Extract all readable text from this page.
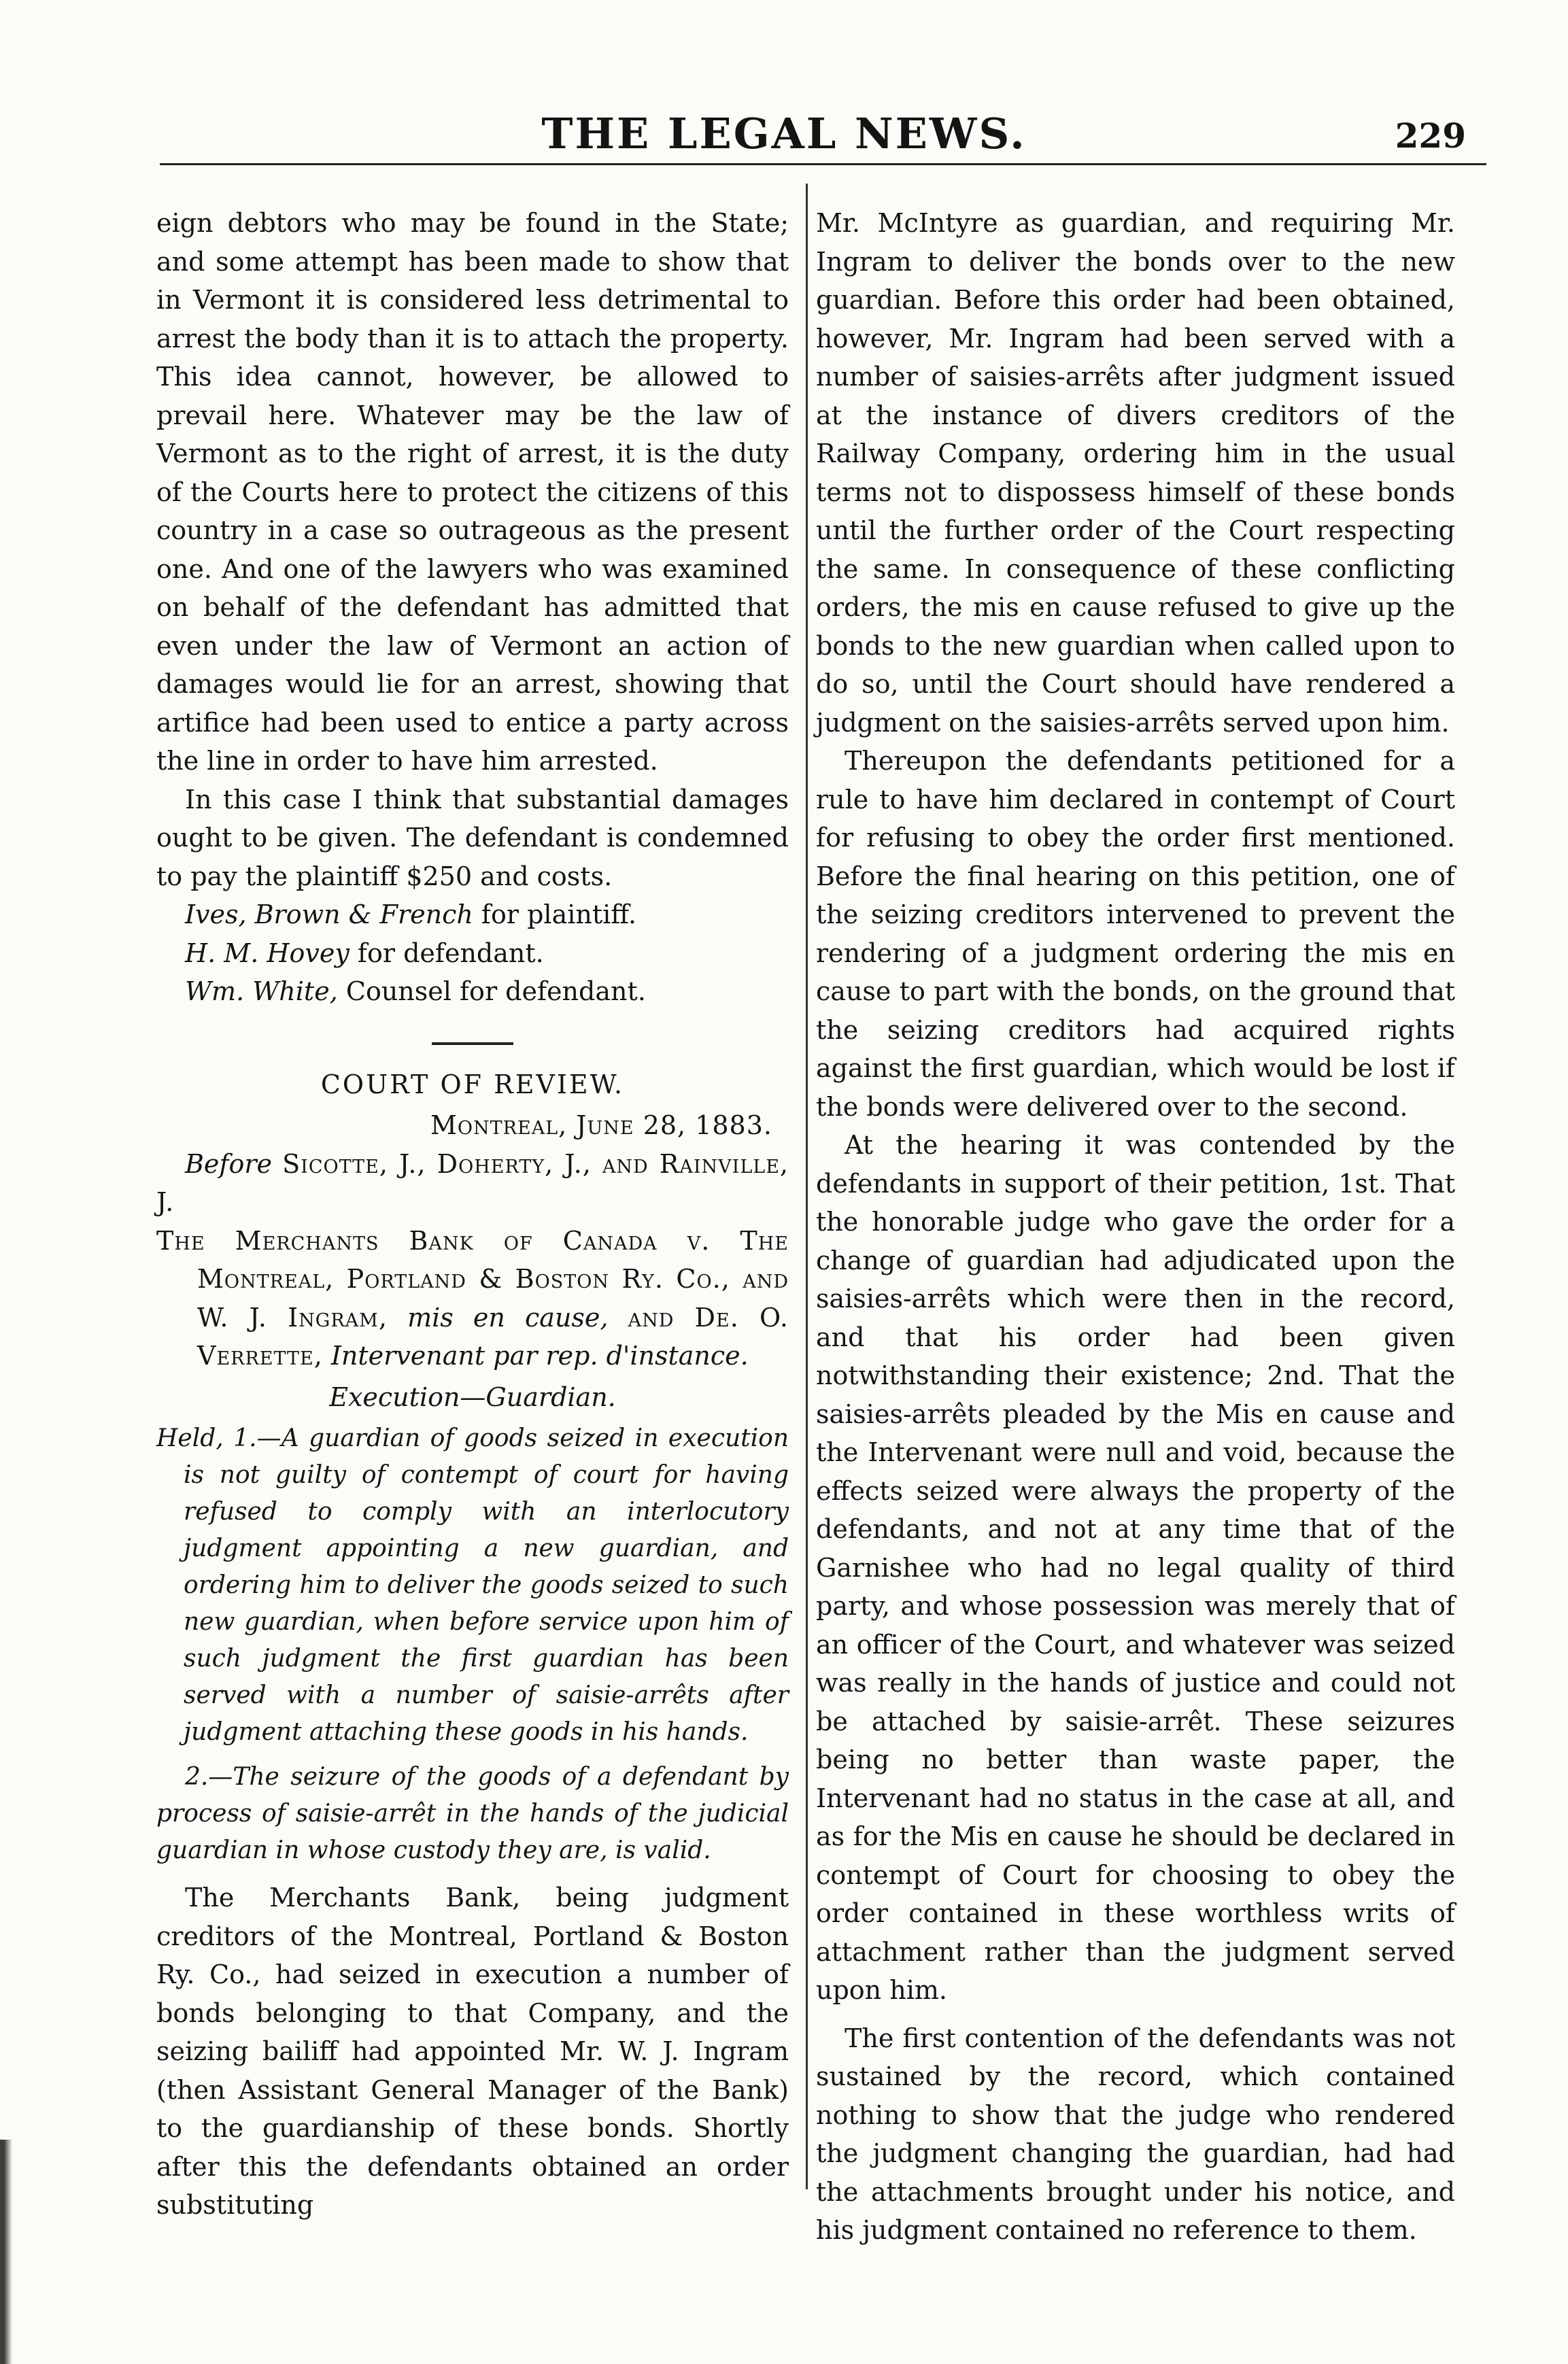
THE LEGAL NEWS.	229

eign debtors who may be found in the State; and some attempt has been made to show that in Vermont it is considered less detrimental to arrest the body than it is to attach the property. This idea cannot, however, be allowed to prevail here. Whatever may be the law of Vermont as to the right of arrest, it is the duty of the Courts here to protect the citizens of this country in a case so outrageous as the present one. And one of the lawyers who was examined on behalf of the defendant has admitted that even under the law of Vermont an action of damages would lie for an arrest, showing that artifice had been used to entice a party across the line in order to have him arrested.

In this case I think that substantial damages ought to be given. The defendant is condemned to pay the plaintiff $250 and costs.

Ives, Brown & French for plaintiff.

H. M. Hovey for defendant.

Wm. White, Counsel for defendant.

COURT OF REVIEW.

Montreal, June 28, 1883.

Before Sicotte, J., Doherty, J., and Rainville, J.

The Merchants Bank of Canada v. The Montreal, Portland & Boston Ry. Co., and W. J. Ingram, mis en cause, and De. O. Verrette, Intervenant par rep. d'instance.

Execution—Guardian.

Held, 1.—A guardian of goods seized in execution is not guilty of contempt of court for having refused to comply with an interlocutory judgment appointing a new guardian, and ordering him to deliver the goods seized to such new guardian, when before service upon him of such judgment the first guardian has been served with a number of saisie-arrêts after judgment attaching these goods in his hands.

2.—The seizure of the goods of a defendant by process of saisie-arrêt in the hands of the judicial guardian in whose custody they are, is valid.

The Merchants Bank, being judgment creditors of the Montreal, Portland & Boston Ry. Co., had seized in execution a number of bonds belonging to that Company, and the seizing bailiff had appointed Mr. W. J. Ingram (then Assistant General Manager of the Bank) to the guardianship of these bonds. Shortly after this the defendants obtained an order substituting

Mr. McIntyre as guardian, and requiring Mr. Ingram to deliver the bonds over to the new guardian. Before this order had been obtained, however, Mr. Ingram had been served with a number of saisies-arrêts after judgment issued at the instance of divers creditors of the Railway Company, ordering him in the usual terms not to dispossess himself of these bonds until the further order of the Court respecting the same. In consequence of these conflicting orders, the mis en cause refused to give up the bonds to the new guardian when called upon to do so, until the Court should have rendered a judgment on the saisies-arrêts served upon him.

Thereupon the defendants petitioned for a rule to have him declared in contempt of Court for refusing to obey the order first mentioned. Before the final hearing on this petition, one of the seizing creditors intervened to prevent the rendering of a judgment ordering the mis en cause to part with the bonds, on the ground that the seizing creditors had acquired rights against the first guardian, which would be lost if the bonds were delivered over to the second.

At the hearing it was contended by the defendants in support of their petition, 1st. That the honorable judge who gave the order for a change of guardian had adjudicated upon the saisies-arrêts which were then in the record, and that his order had been given notwithstanding their existence; 2nd. That the saisies-arrêts pleaded by the Mis en cause and the Intervenant were null and void, because the effects seized were always the property of the defendants, and not at any time that of the Garnishee who had no legal quality of third party, and whose possession was merely that of an officer of the Court, and whatever was seized was really in the hands of justice and could not be attached by saisie-arrêt. These seizures being no better than waste paper, the Intervenant had no status in the case at all, and as for the Mis en cause he should be declared in contempt of Court for choosing to obey the order contained in these worthless writs of attachment rather than the judgment served upon him.

The first contention of the defendants was not sustained by the record, which contained nothing to show that the judge who rendered the judgment changing the guardian, had had the attachments brought under his notice, and his judgment contained no reference to them.
